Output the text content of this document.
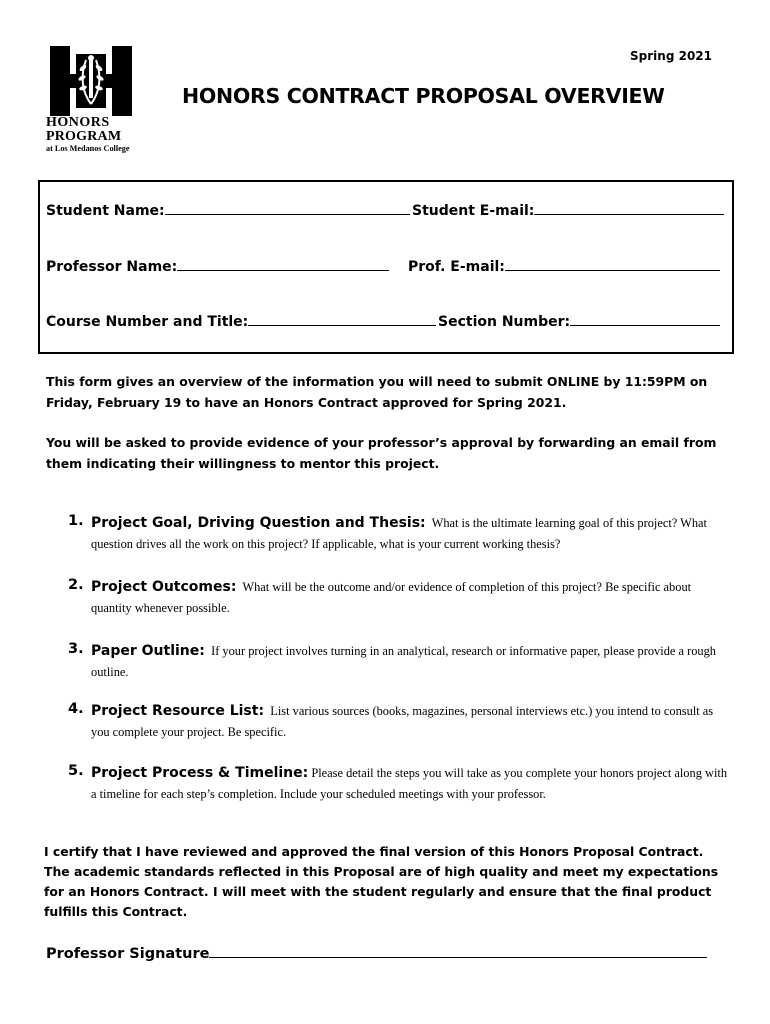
HONORS
PROGRAM
at Los Medanos College
Spring 2021
HONORS CONTRACT PROPOSAL OVERVIEW
Student Name:	Student E-mail:
Professor Name:	Prof. E-mail:
Course Number and Title:	Section Number:
This form gives an overview of the information you will need to submit ONLINE by 11:59PM on Friday, February 19 to have an Honors Contract approved for Spring 2021.
You will be asked to provide evidence of your professor’s approval by forwarding an email from them indicating their willingness to mentor this project.
1. Project Goal, Driving Question and Thesis: What is the ultimate learning goal of this project? What question drives all the work on this project? If applicable, what is your current working thesis?
2. Project Outcomes: What will be the outcome and/or evidence of completion of this project? Be specific about quantity whenever possible.
3. Paper Outline: If your project involves turning in an analytical, research or informative paper, please provide a rough outline.
4. Project Resource List: List various sources (books, magazines, personal interviews etc.) you intend to consult as you complete your project. Be specific.
5. Project Process & Timeline: Please detail the steps you will take as you complete your honors project along with a timeline for each step’s completion. Include your scheduled meetings with your professor.
I certify that I have reviewed and approved the final version of this Honors Proposal Contract. The academic standards reflected in this Proposal are of high quality and meet my expectations for an Honors Contract. I will meet with the student regularly and ensure that the final product fulfills this Contract.
Professor Signature
